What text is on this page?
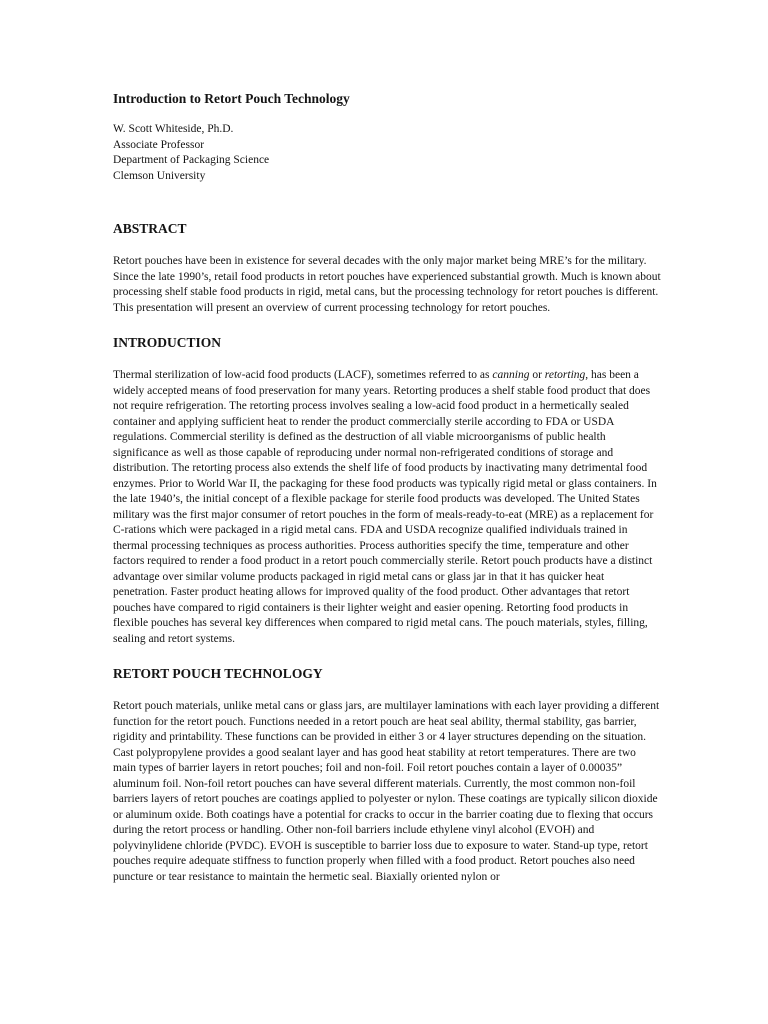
Introduction to Retort Pouch Technology
W. Scott Whiteside, Ph.D.
Associate Professor
Department of Packaging Science
Clemson University
ABSTRACT

Retort pouches have been in existence for several decades with the only major market being MRE’s for the military. Since the late 1990’s, retail food products in retort pouches have experienced substantial growth. Much is known about processing shelf stable food products in rigid, metal cans, but the processing technology for retort pouches is different. This presentation will present an overview of current processing technology for retort pouches.

INTRODUCTION

Thermal sterilization of low-acid food products (LACF), sometimes referred to as canning or retorting, has been a widely accepted means of food preservation for many years. Retorting produces a shelf stable food product that does not require refrigeration. The retorting process involves sealing a low-acid food product in a hermetically sealed container and applying sufficient heat to render the product commercially sterile according to FDA or USDA regulations. Commercial sterility is defined as the destruction of all viable microorganisms of public health significance as well as those capable of reproducing under normal non-refrigerated conditions of storage and distribution. The retorting process also extends the shelf life of food products by inactivating many detrimental food enzymes. Prior to World War II, the packaging for these food products was typically rigid metal or glass containers. In the late 1940’s, the initial concept of a flexible package for sterile food products was developed. The United States military was the first major consumer of retort pouches in the form of meals-ready-to-eat (MRE) as a replacement for C-rations which were packaged in a rigid metal cans. FDA and USDA recognize qualified individuals trained in thermal processing techniques as process authorities. Process authorities specify the time, temperature and other factors required to render a food product in a retort pouch commercially sterile. Retort pouch products have a distinct advantage over similar volume products packaged in rigid metal cans or glass jar in that it has quicker heat penetration. Faster product heating allows for improved quality of the food product. Other advantages that retort pouches have compared to rigid containers is their lighter weight and easier opening. Retorting food products in flexible pouches has several key differences when compared to rigid metal cans. The pouch materials, styles, filling, sealing and retort systems.

RETORT POUCH TECHNOLOGY

Retort pouch materials, unlike metal cans or glass jars, are multilayer laminations with each layer providing a different function for the retort pouch. Functions needed in a retort pouch are heat seal ability, thermal stability, gas barrier, rigidity and printability. These functions can be provided in either 3 or 4 layer structures depending on the situation. Cast polypropylene provides a good sealant layer and has good heat stability at retort temperatures. There are two main types of barrier layers in retort pouches; foil and non-foil. Foil retort pouches contain a layer of 0.00035” aluminum foil. Non-foil retort pouches can have several different materials. Currently, the most common non-foil barriers layers of retort pouches are coatings applied to polyester or nylon. These coatings are typically silicon dioxide or aluminum oxide. Both coatings have a potential for cracks to occur in the barrier coating due to flexing that occurs during the retort process or handling. Other non-foil barriers include ethylene vinyl alcohol (EVOH) and polyvinylidene chloride (PVDC). EVOH is susceptible to barrier loss due to exposure to water. Stand-up type, retort pouches require adequate stiffness to function properly when filled with a food product. Retort pouches also need puncture or tear resistance to maintain the hermetic seal. Biaxially oriented nylon or
